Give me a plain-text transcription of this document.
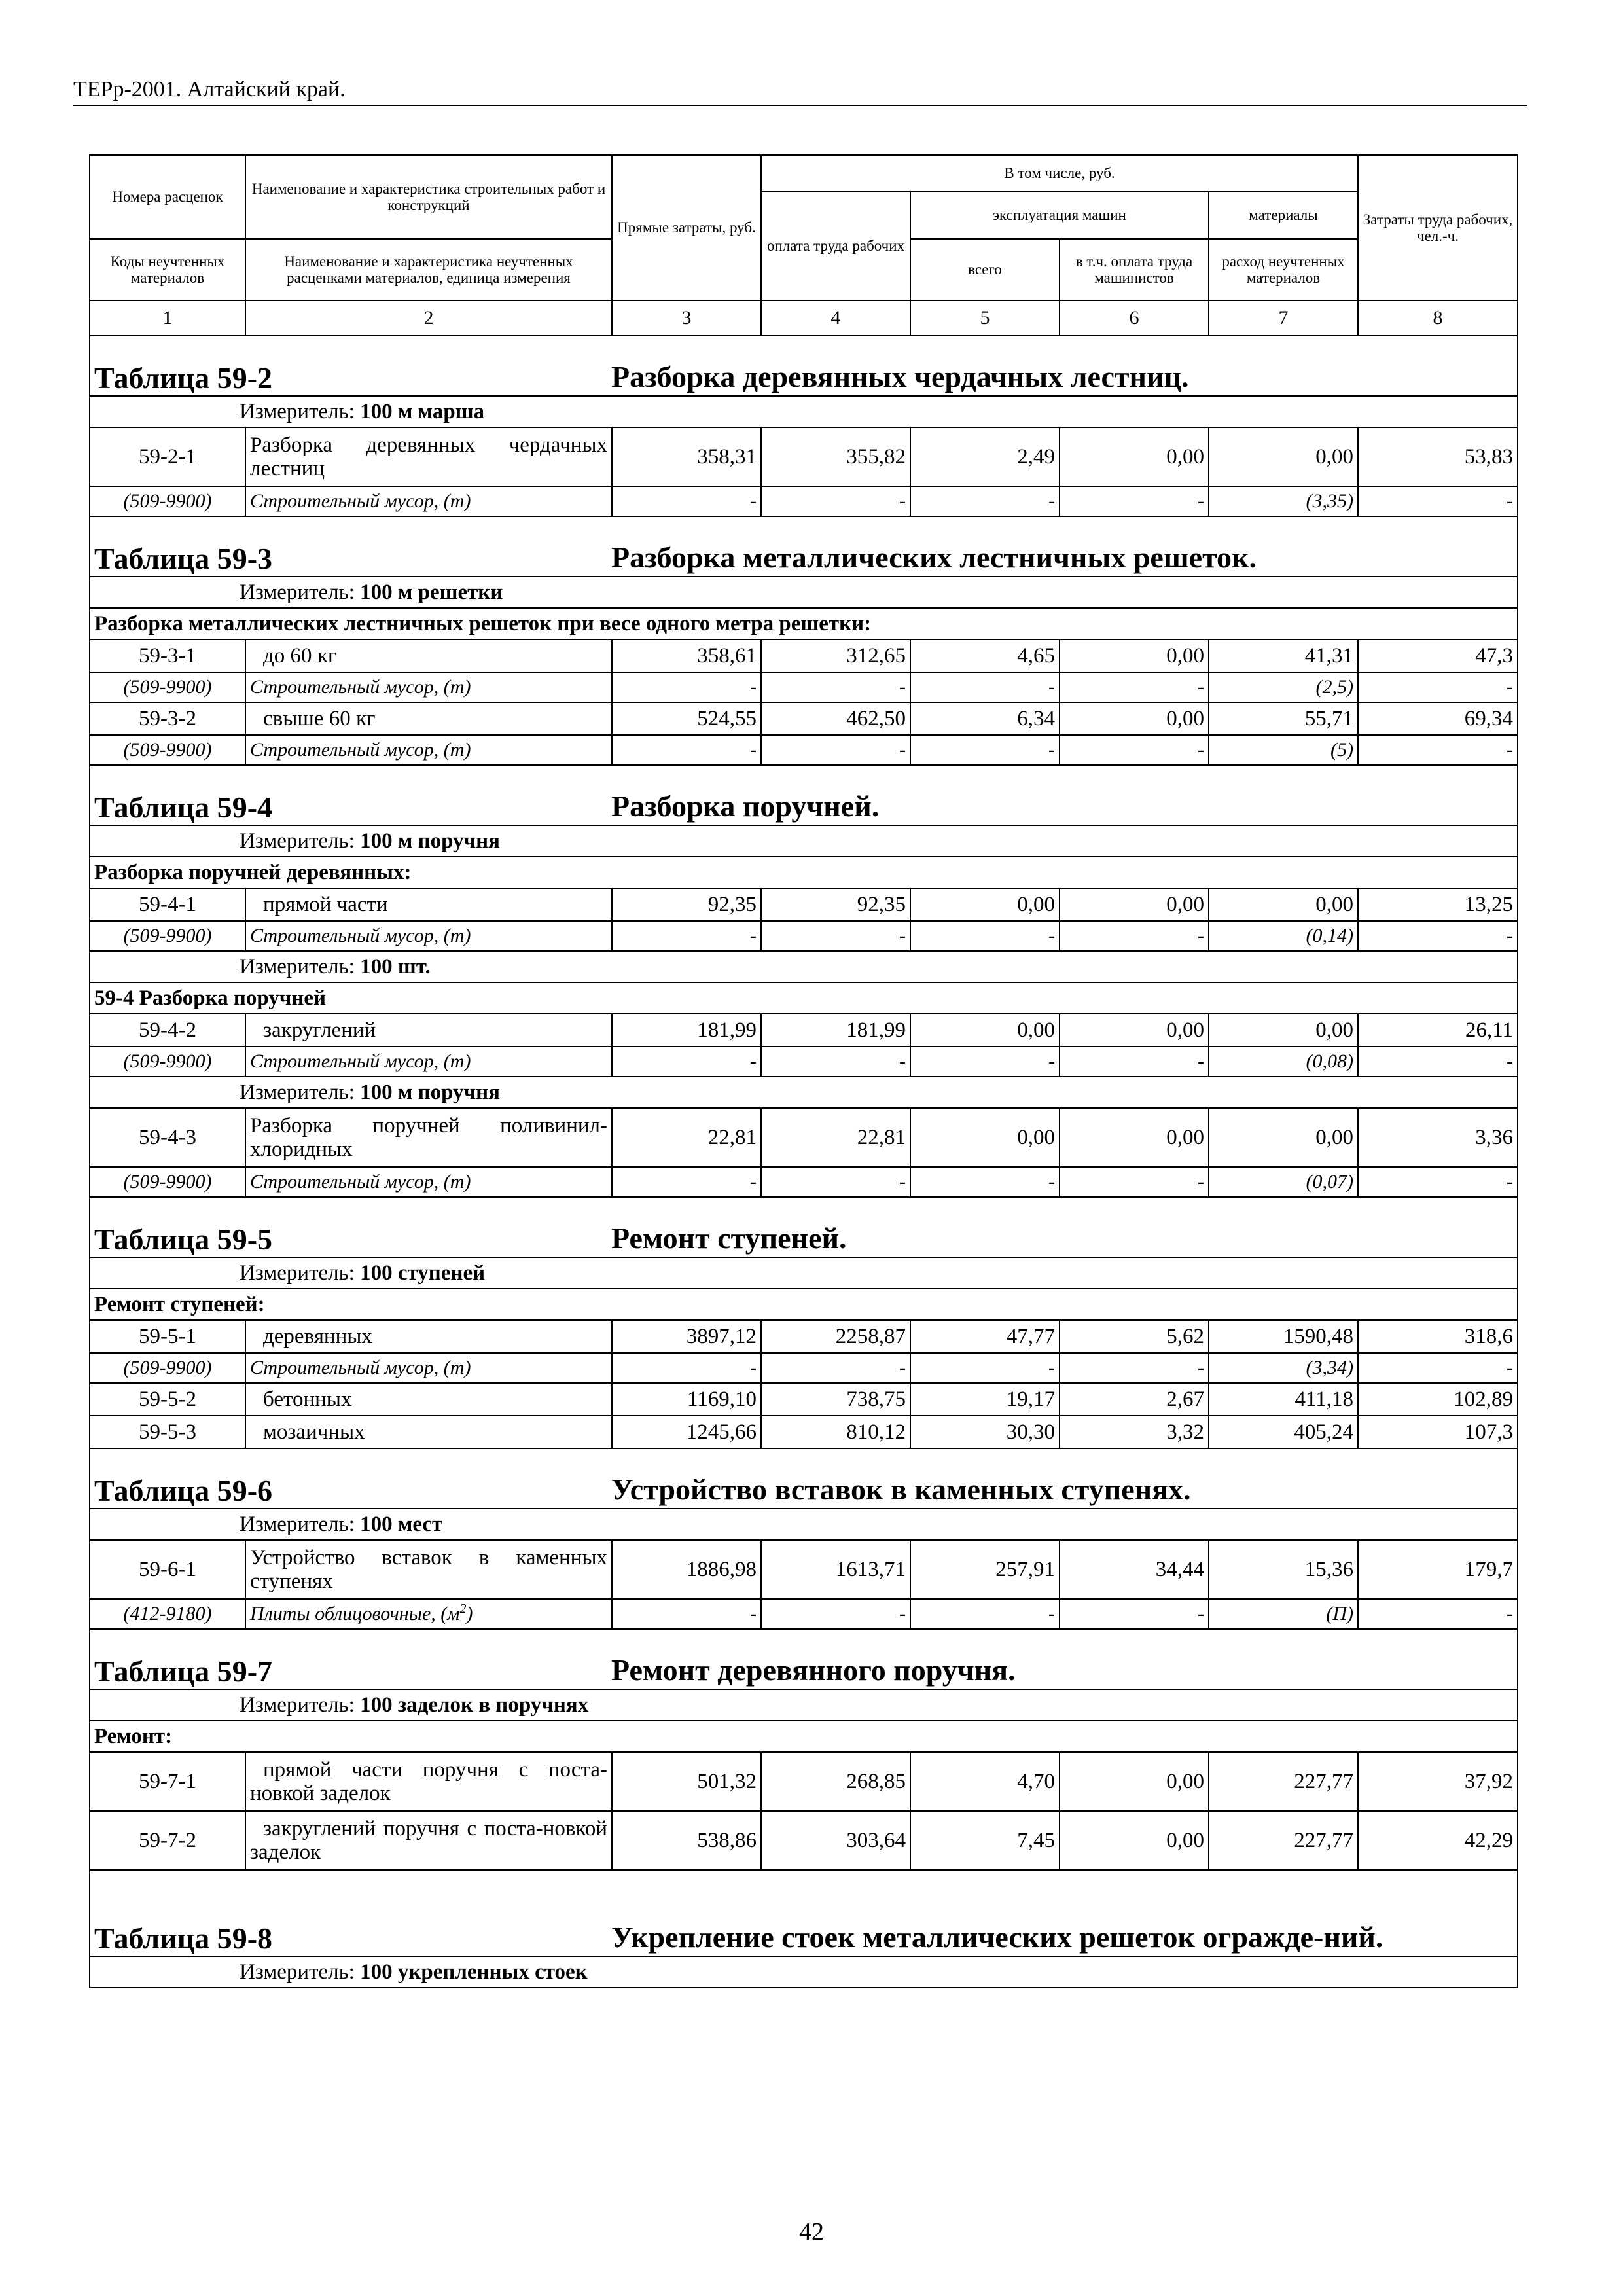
ТЕРр-2001. Алтайский край.
Номера расценок	Наименование и характеристика строительных работ и конструкций	Прямые затраты, руб.	В том числе, руб.				Затраты труда рабочих, чел.-ч.
			оплата труда рабочих	эксплуатация машин		материалы	
Коды неучтенных материалов	Наименование и характеристика неучтенных расценками материалов, единица измерения			всего	в т.ч. оплата труда машинистов	расход неучтенных материалов	
1	2	3	4	5	6	7	8
Таблица 59-2 Разборка деревянных чердачных лестниц.							
Измеритель: 100 м марша							
59-2-1	Разборка деревянных чердачных лестниц	358,31	355,82	2,49	0,00	0,00	53,83
(509-9900)	Строительный мусор, (т)	-	-	-	-	(3,35)	-
Таблица 59-3 Разборка металлических лестничных решеток.							
Измеритель: 100 м решетки							
Разборка металлических лестничных решеток при весе одного метра решетки:							
59-3-1	до 60 кг	358,61	312,65	4,65	0,00	41,31	47,3
(509-9900)	Строительный мусор, (т)	-	-	-	-	(2,5)	-
59-3-2	свыше 60 кг	524,55	462,50	6,34	0,00	55,71	69,34
(509-9900)	Строительный мусор, (т)	-	-	-	-	(5)	-
Таблица 59-4 Разборка поручней.							
Измеритель: 100 м поручня							
Разборка поручней деревянных:							
59-4-1	прямой части	92,35	92,35	0,00	0,00	0,00	13,25
(509-9900)	Строительный мусор, (т)	-	-	-	-	(0,14)	-
Измеритель: 100 шт.							
59-4 Разборка поручней							
59-4-2	закруглений	181,99	181,99	0,00	0,00	0,00	26,11
(509-9900)	Строительный мусор, (т)	-	-	-	-	(0,08)	-
Измеритель: 100 м поручня							
59-4-3	Разборка поручней поливинил-хлоридных	22,81	22,81	0,00	0,00	0,00	3,36
(509-9900)	Строительный мусор, (т)	-	-	-	-	(0,07)	-
Таблица 59-5 Ремонт ступеней.							
Измеритель: 100 ступеней							
Ремонт ступеней:							
59-5-1	деревянных	3897,12	2258,87	47,77	5,62	1590,48	318,6
(509-9900)	Строительный мусор, (т)	-	-	-	-	(3,34)	-
59-5-2	бетонных	1169,10	738,75	19,17	2,67	411,18	102,89
59-5-3	мозаичных	1245,66	810,12	30,30	3,32	405,24	107,3
Таблица 59-6 Устройство вставок в каменных ступенях.							
Измеритель: 100 мест							
59-6-1	Устройство вставок в каменных ступенях	1886,98	1613,71	257,91	34,44	15,36	179,7
(412-9180)	Плиты облицовочные, $(м^2)$	-	-	-	-	(П)	-
Таблица 59-7 Ремонт деревянного поручня.							
Измеритель: 100 заделок в поручнях							
Ремонт:							
59-7-1	прямой части поручня с поста-новкой заделок	501,32	268,85	4,70	0,00	227,77	37,92
59-7-2	закруглений поручня с поста-новкой заделок	538,86	303,64	7,45	0,00	227,77	42,29
Таблица 59-8 Укрепление стоек металлических решеток огражде-ний.							
Измеритель: 100 укрепленных стоек							
42
